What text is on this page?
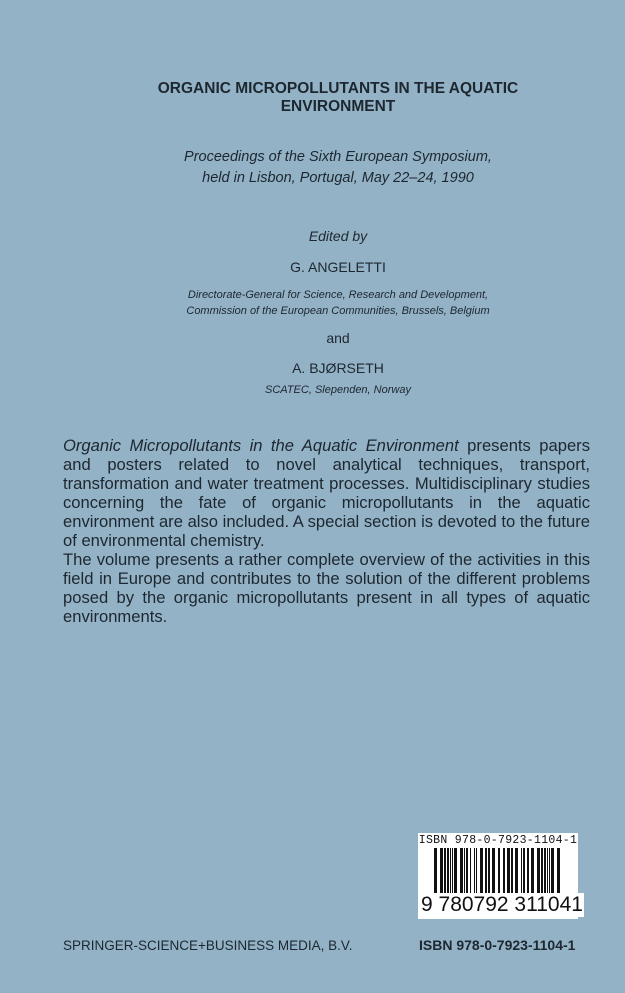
ORGANIC MICROPOLLUTANTS IN THE AQUATIC
ENVIRONMENT
Proceedings of the Sixth European Symposium,
held in Lisbon, Portugal, May 22–24, 1990
Edited by
G. ANGELETTI
Directorate-General for Science, Research and Development,
Commission of the European Communities, Brussels, Belgium
and
A. BJØRSETH
SCATEC, Slependen, Norway

Organic Micropollutants in the Aquatic Environment presents papers and posters related to novel analytical techniques, transport, transformation and water treatment processes. Multidisciplinary studies concerning the fate of organic micropollutants in the aquatic environment are also included. A special section is devoted to the future of environmental chemistry.

The volume presents a rather complete overview of the activities in this field in Europe and contributes to the solution of the different problems posed by the organic micropollutants present in all types of aquatic environments.

ISBN 978-0-7923-1104-1
9 780792 311041
SPRINGER-SCIENCE+BUSINESS MEDIA, B.V.	ISBN 978-0-7923-1104-1
